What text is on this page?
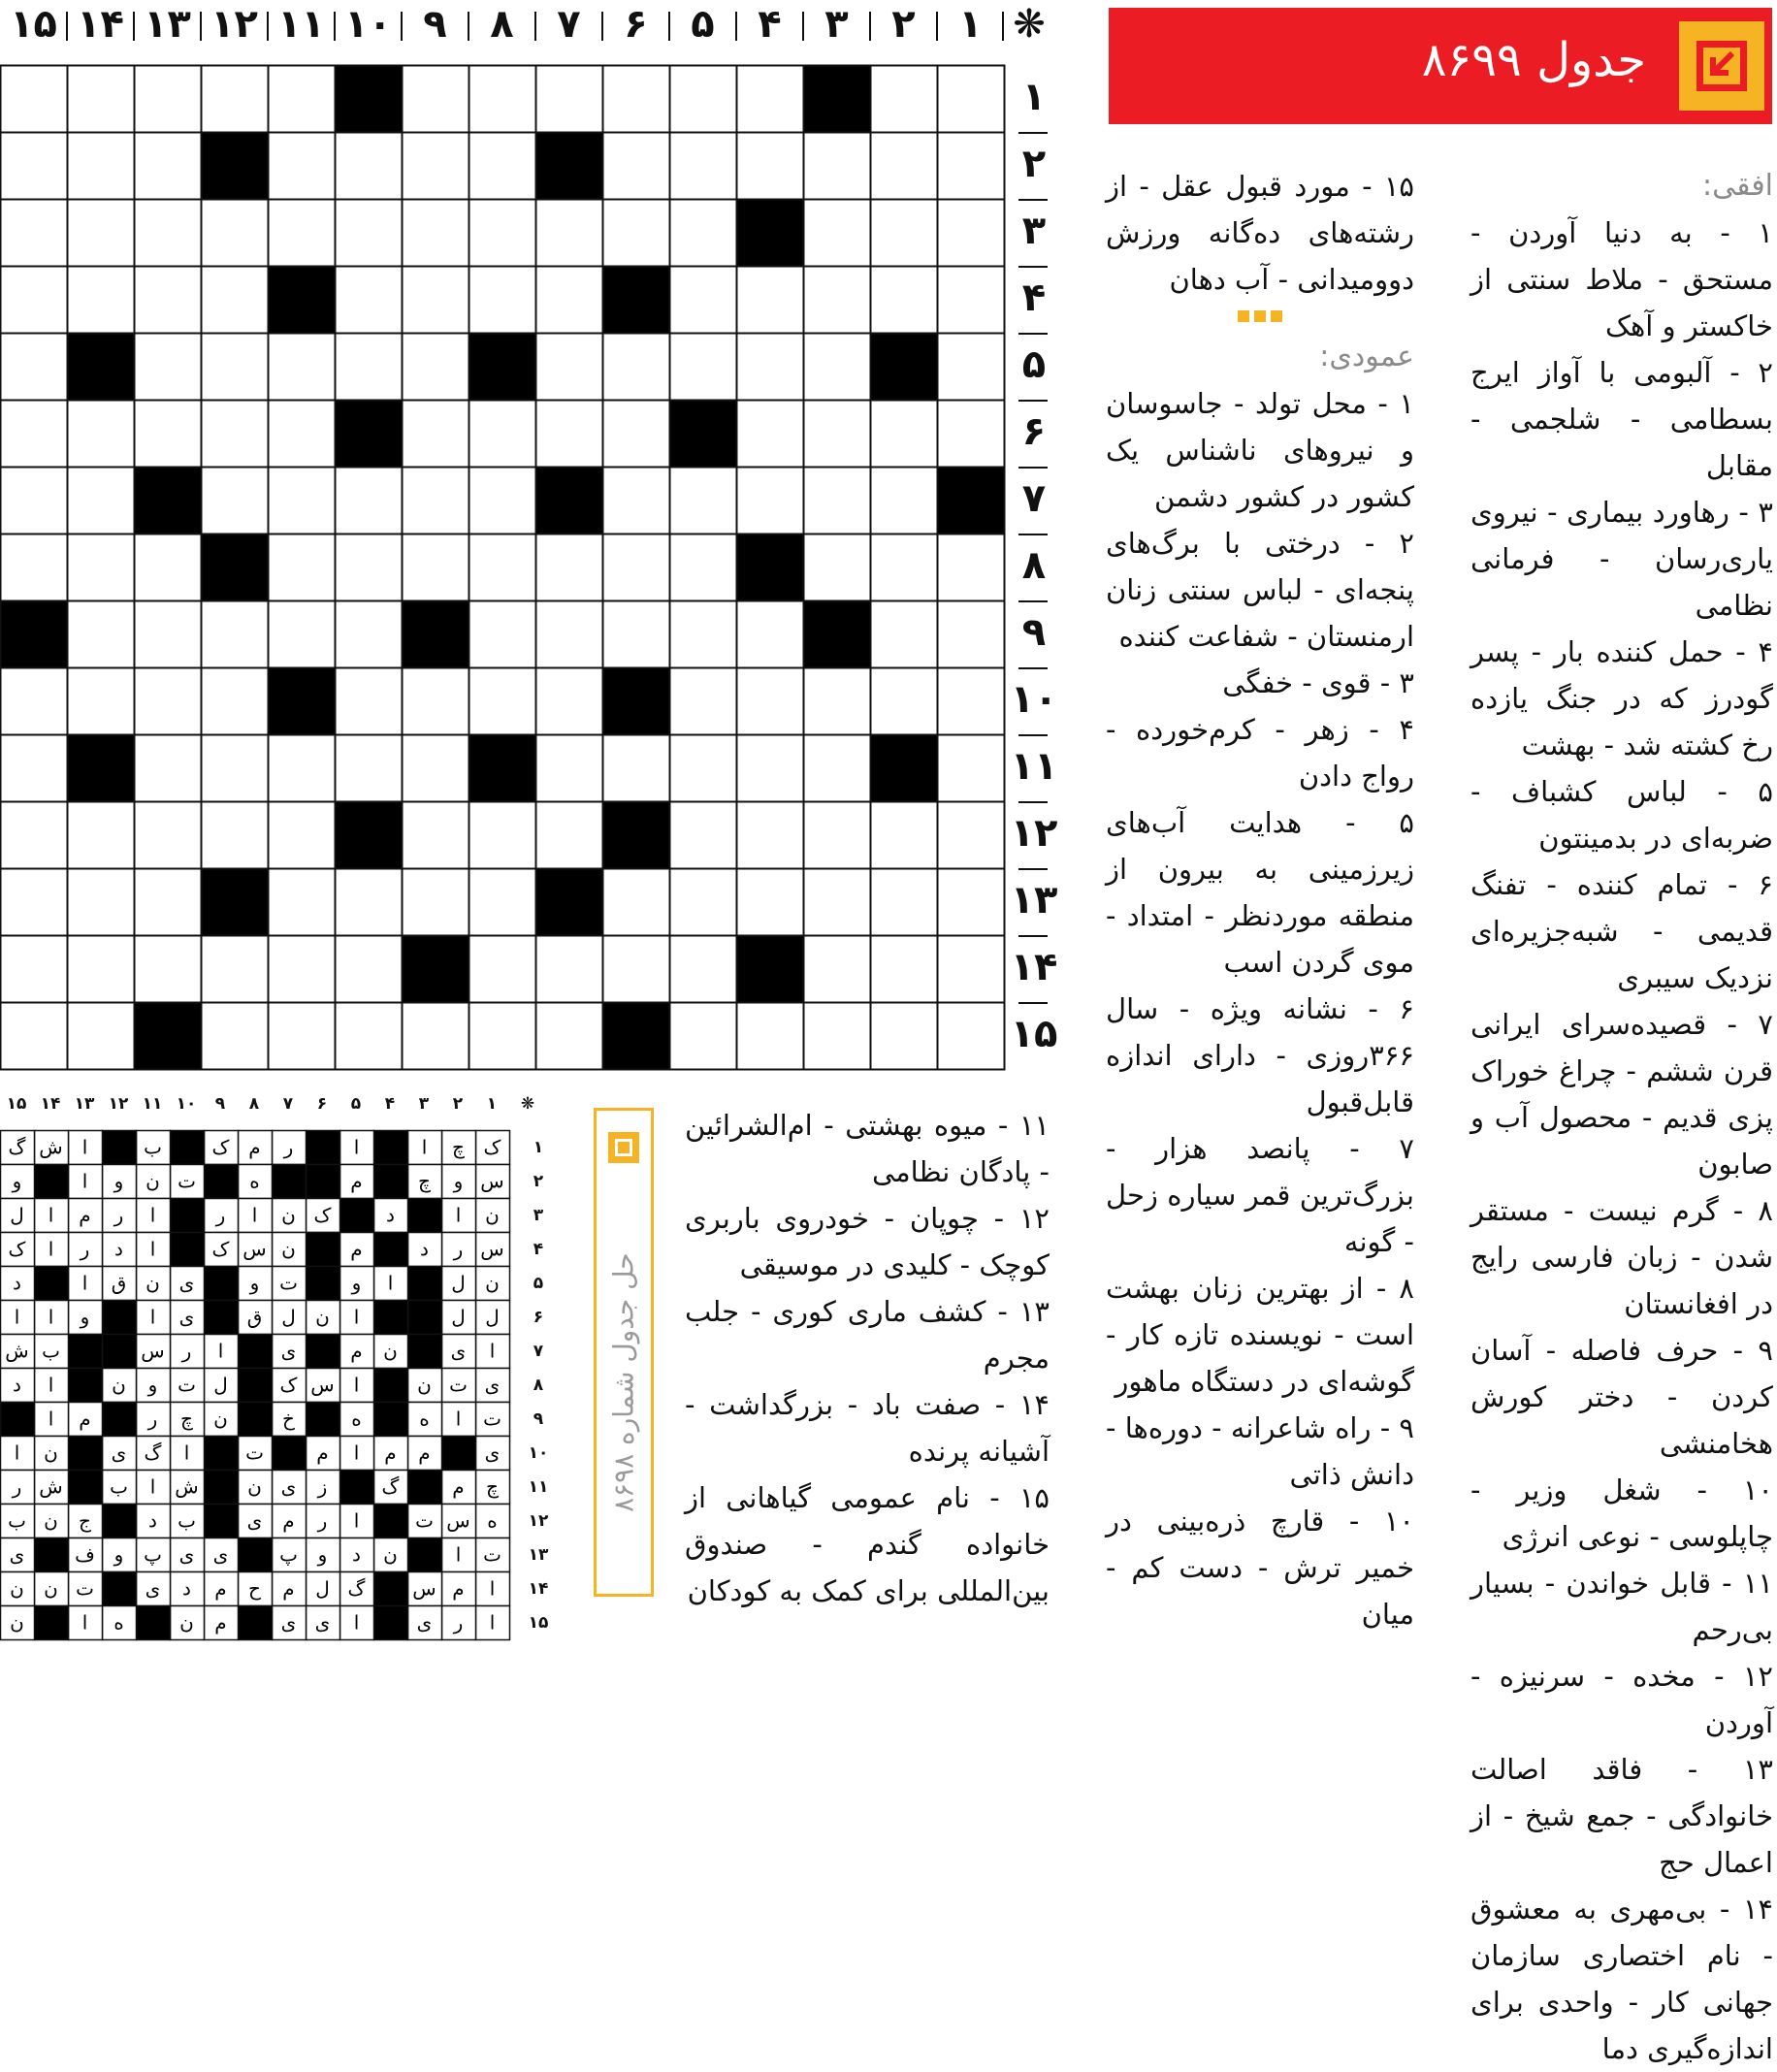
جدول ۸۶۹۹
۱
۲
۳
۴
۵
۶
۷
۸
۹
۱۰
۱۱
۱۲
۱۳
۱۴
۱۵	❋
۱
۲
۳
۴
۵
۶
۷
۸
۹
۱۰
۱۱
۱۲
۱۳
۱۴
۱۵
افقی:

۱ - به دنیا آوردن - مستحق - ملاط سنتی از خاکستر و آهک

۲ - آلبومی با آواز ایرج بسطامی - شلجمی - مقابل

۳ - رهاورد بیماری - نیروی یاری‌رسان - فرمانی نظامی

۴ - حمل کننده بار - پسر گودرز که در جنگ یازده رخ کشته شد - بهشت

۵ - لباس کشباف - ضربه‌ای در بدمینتون

۶ - تمام کننده - تفنگ قدیمی - شبه‌جزیره‌ای نزدیک سیبری

۷ - قصیده‌سرای ایرانی قرن ششم - چراغ خوراک پزی قدیم - محصول آب و صابون

۸ - گرم نیست - مستقر شدن - زبان فارسی رایج در افغانستان

۹ - حرف فاصله - آسان کردن - دختر کورش هخامنشی

۱۰ - شغل وزیر - چاپلوسی - نوعی انرژی

۱۱ - قابل خواندن - بسیار بی‌رحم

۱۲ - مخده - سرنیزه - آوردن

۱۳ - فاقد اصالت خانوادگی - جمع شیخ - از اعمال حج

۱۴ - بی‌مهری به معشوق - نام اختصاری سازمان جهانی کار - واحدی برای اندازه‌گیری دما

۱۵ - مورد قبول عقل - از رشته‌های ده‌گانه ورزش دوومیدانی - آب دهان

عمودی:

۱ - محل تولد - جاسوسان و نیروهای ناشناس یک کشور در کشور دشمن

۲ - درختی با برگ‌های پنجه‌ای - لباس سنتی زنان ارمنستان - شفاعت کننده

۳ - قوی - خفگی

۴ - زهر - کرم‌خورده - رواج دادن

۵ - هدایت آب‌های زیرزمینی به بیرون از منطقه موردنظر - امتداد - موی گردن اسب

۶ - نشانه ویژه - سال ۳۶۶روزی - دارای اندازه قابل‌قبول

۷ - پانصد هزار - بزرگ‌ترین قمر سیاره زحل - گونه

۸ - از بهترین زنان بهشت است - نویسنده تازه کار - گوشه‌ای در دستگاه ماهور

۹ - راه شاعرانه - دوره‌ها - دانش ذاتی

۱۰ - قارچ ذره‌بینی در خمیر ترش - دست کم - میان

۱۱ - میوه بهشتی - ام‌الشرائین - پادگان نظامی

۱۲ - چوپان - خودروی باربری کوچک - کلیدی در موسیقی

۱۳ - کشف ماری کوری - جلب مجرم

۱۴ - صفت باد - بزرگداشت - آشیانه پرنده

۱۵ - نام عمومی گیاهانی از خانواده گندم - صندوق بین‌المللی برای کمک به کودکان

۱
۲
۳
۴
۵
۶
۷
۸
۹
۱۰
۱۱
۱۲
۱۳
۱۴
۱۵	❋
۱
۲
۳
۴
۵
۶
۷
۸
۹
۱۰
۱۱
۱۲
۱۳
۱۴
۱۵
ک
چ
ا
ا
ر
م
ک
ب
ا
ش
گ
س
و
چ
م
ه
ت
ن
و
ا
و
ن
ا
د
ک
ن
ا
ر
ا
ر
م
ا
ل
س
ر
د
م
ن
س
ک
ا
د
ر
ا
ک
ن
ل
ا
و
ت
و
ی
ن
ق
ا
د
ل
ل
ا
ن
ل
ق
ی
ا
و
ا
ا
ا
ی
ن
م
ی
ا
ر
س
ب
ش
ی
ت
ن
ا
س
ک
ل
ت
و
ن
ا
د
ت
ا
ه
ه
خ
ن
چ
ر
م
ا
ی
م
م
ا
م
ت
ا
گ
ی
ن
ا
چ
م
گ
ز
ی
ن
ش
ا
ب
ش
ر
ه
س
ت
ا
ر
م
ی
ب
د
ج
ن
ب
ت
ا
ن
د
و
پ
ی
ی
پ
و
ف
ی
ا
م
س
گ
ل
م
ح
م
د
ی
ت
ن
ن
ا
ر
ی
ا
ی
ی
م
ن
ه
ا
ن
حل جدول شماره ۸۶۹۸
